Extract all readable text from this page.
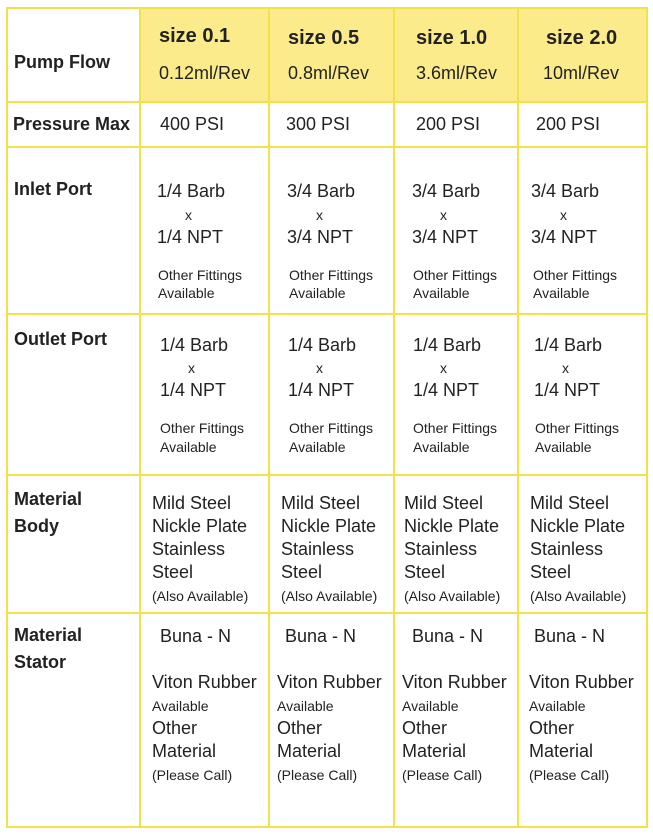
Pump Flow
Pressure Max
Inlet Port
Outlet Port
Material
Body
Material
Stator
size 0.1
0.12ml/Rev
400 PSI
1/4 Barb
x
1/4 NPT
Other Fittings
Available
1/4 Barb
x
1/4 NPT
Other Fittings
Available
Mild Steel
Nickle Plate
Stainless
Steel
(Also Available)
Buna - N
Viton Rubber
Available
Other
Material
(Please Call)
size 0.5
0.8ml/Rev
300 PSI
3/4 Barb
x
3/4 NPT
Other Fittings
Available
1/4 Barb
x
1/4 NPT
Other Fittings
Available
Mild Steel
Nickle Plate
Stainless
Steel
(Also Available)
Buna - N
Viton Rubber
Available
Other
Material
(Please Call)
size 1.0
3.6ml/Rev
200 PSI
3/4 Barb
x
3/4 NPT
Other Fittings
Available
1/4 Barb
x
1/4 NPT
Other Fittings
Available
Mild Steel
Nickle Plate
Stainless
Steel
(Also Available)
Buna - N
Viton Rubber
Available
Other
Material
(Please Call)
size 2.0
10ml/Rev
200 PSI
3/4 Barb
x
3/4 NPT
Other Fittings
Available
1/4 Barb
x
1/4 NPT
Other Fittings
Available
Mild Steel
Nickle Plate
Stainless
Steel
(Also Available)
Buna - N
Viton Rubber
Available
Other
Material
(Please Call)
